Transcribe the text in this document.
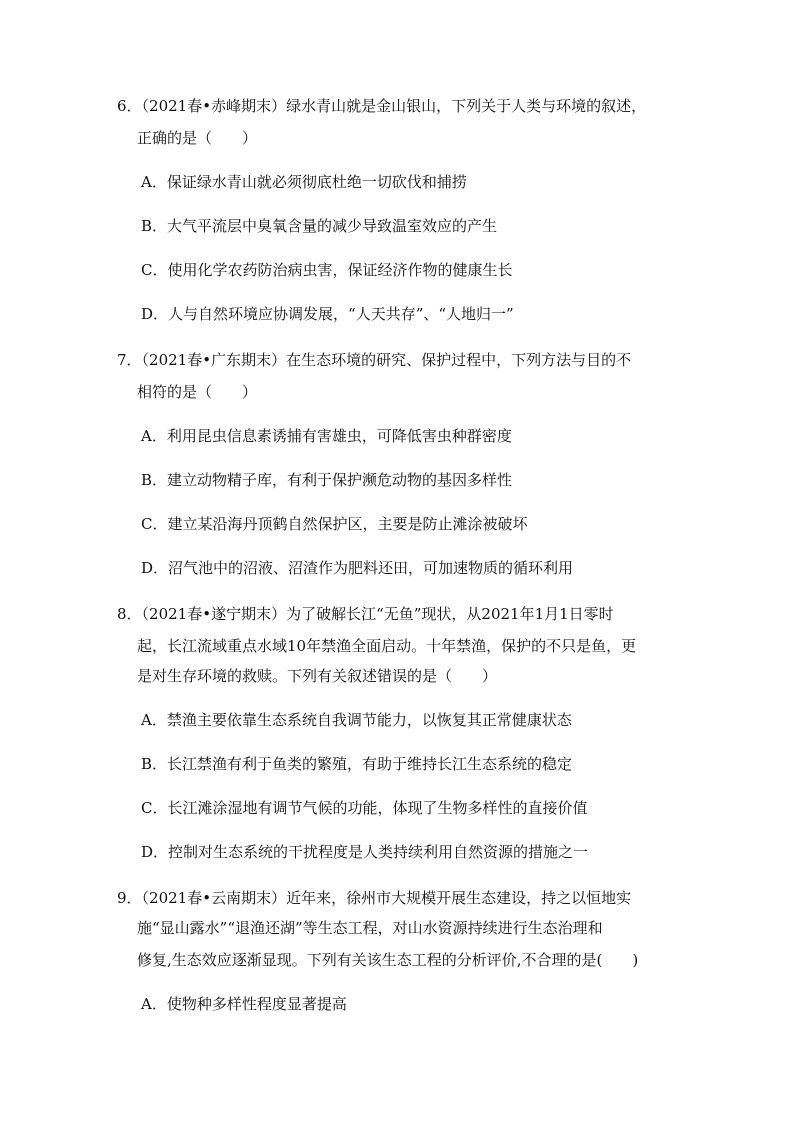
6．（2021春•赤峰期末）绿水青山就是金山银山，下列关于人类与环境的叙述，
正确的是（　　）
A．保证绿水青山就必须彻底杜绝一切砍伐和捕捞
B．大气平流层中臭氧含量的减少导致温室效应的产生
C．使用化学农药防治病虫害，保证经济作物的健康生长
D．人与自然环境应协调发展，“人天共存”、“人地归一”
7．（2021春•广东期末）在生态环境的研究、保护过程中，下列方法与目的不
相符的是（　　）
A．利用昆虫信息素诱捕有害雄虫，可降低害虫种群密度
B．建立动物精子库，有利于保护濒危动物的基因多样性
C．建立某沿海丹顶鹤自然保护区，主要是防止滩涂被破坏
D．沼气池中的沼液、沼渣作为肥料还田，可加速物质的循环利用
8．（2021春•遂宁期末）为了破解长江“无鱼”现状，从2021年1月1日零时
起，长江流域重点水域10年禁渔全面启动。十年禁渔，保护的不只是鱼，更
是对生存环境的救赎。下列有关叙述错误的是（　　）
A．禁渔主要依靠生态系统自我调节能力，以恢复其正常健康状态
B．长江禁渔有利于鱼类的繁殖，有助于维持长江生态系统的稳定
C．长江滩涂湿地有调节气候的功能，体现了生物多样性的直接价值
D．控制对生态系统的干扰程度是人类持续利用自然资源的措施之一
9．（2021春•云南期末）近年来，徐州市大规模开展生态建设，持之以恒地实
施“显山露水”“退渔还湖”等生态工程，对山水资源持续进行生态治理和
修复,生态效应逐渐显现。下列有关该生态工程的分析评价,不合理的是(　　)
A．使物种多样性程度显著提高
